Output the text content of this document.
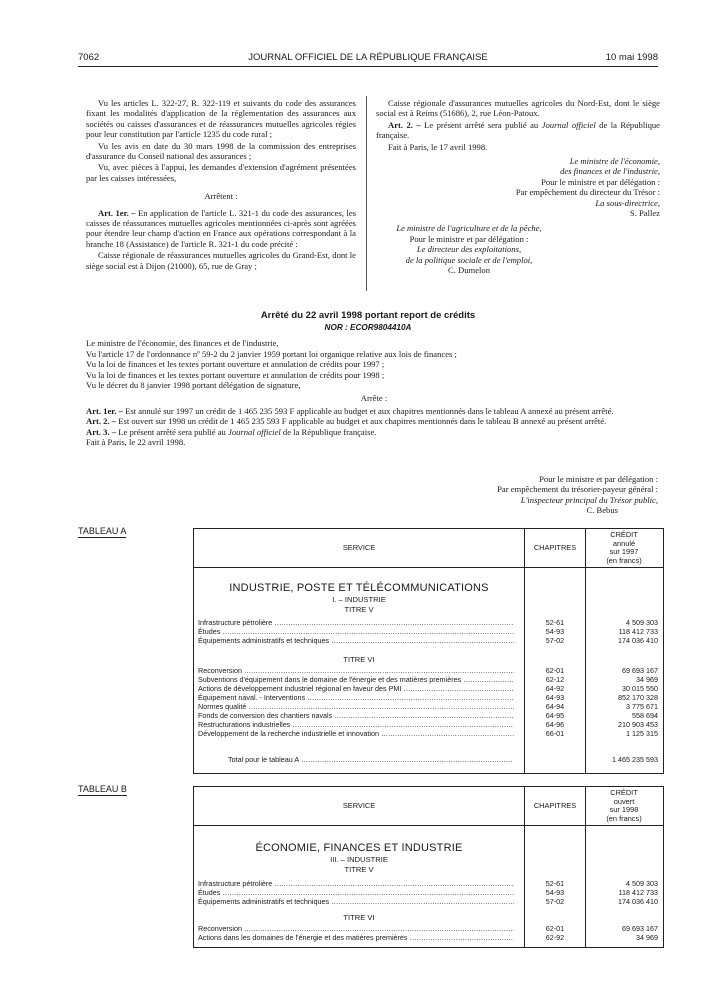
7062	JOURNAL OFFICIEL DE LA RÉPUBLIQUE FRANÇAISE	10 mai 1998

Vu les articles L. 322-27, R. 322-119 et suivants du code des assurances fixant les modalités d'application de la réglementation des assurances aux sociétés ou caisses d'assurances et de réassurances mutuelles agricoles régies pour leur constitution par l'article 1235 du code rural ;

Vu les avis en date du 30 mars 1998 de la commission des entreprises d'assurance du Conseil national des assurances ;

Vu, avec pièces à l'appui, les demandes d'extension d'agrément présentées par les caisses intéressées,

Arrêtent :

Art. 1er. – En application de l'article L. 321-1 du code des assurances, les caisses de réassurances mutuelles agricoles mentionnées ci-après sont agréées pour étendre leur champ d'action en France aux opérations correspondant à la branche 18 (Assistance) de l'article R. 321-1 du code précité :

Caisse régionale de réassurances mutuelles agricoles du Grand-Est, dont le siège social est à Dijon (21000), 65, rue de Gray ;

Caisse régionale d'assurances mutuelles agricoles du Nord-Est, dont le siège social est à Reims (51686), 2, rue Léon-Patoux.

Art. 2. – Le présent arrêté sera publié au Journal officiel de la République française.

Fait à Paris, le 17 avril 1998.

Le ministre de l'économie,

des finances et de l'industrie,

Pour le ministre et par délégation :

Par empêchement du directeur du Trésor :

La sous-directrice,

S. Pallez

Le ministre de l'agriculture et de la pêche,

Pour le ministre et par délégation :

Le directeur des exploitations,

de la politique sociale et de l'emploi,

C. Dumelon

Arrêté du 22 avril 1998 portant report de crédits
NOR : ECOR9804410A

Le ministre de l'économie, des finances et de l'industrie,

Vu l'article 17 de l'ordonnance nº 59-2 du 2 janvier 1959 portant loi organique relative aux lois de finances ;

Vu la loi de finances et les textes portant ouverture et annulation de crédits pour 1997 ;

Vu la loi de finances et les textes portant ouverture et annulation de crédits pour 1998 ;

Vu le décret du 8 janvier 1998 portant délégation de signature,

Arrête :

Art. 1er. – Est annulé sur 1997 un crédit de 1 465 235 593 F applicable au budget et aux chapitres mentionnés dans le tableau A annexé au présent arrêté.

Art. 2. – Est ouvert sur 1998 un crédit de 1 465 235 593 F applicable au budget et aux chapitres mentionnés dans le tableau B annexé au présent arrêté.

Art. 3. – Le présent arrêté sera publié au Journal officiel de la République française.

Fait à Paris, le 22 avril 1998.

Pour le ministre et par délégation :

Par empêchement du trésorier-payeur général :

L'inspecteur principal du Trésor public,

C. Bebus

TABLEAU A
SERVICE	CHAPITRES
CRÉDIT
annulé
sur 1997
(en francs)
INDUSTRIE, POSTE ET TÉLÉCOMMUNICATIONS
I. – INDUSTRIE
TITRE V
Infrastructure pétrolière .....	52-61	4 509 303
Études .....	54-93	118 412 733
Équipements administratifs et techniques .....	57-02	174 036 410
TITRE VI
Reconversion .....	62-01	69 693 167
Subventions d'équipement dans le domaine de l'énergie et des matières premières .....	62-12	34 969
Actions de développement industriel régional en faveur des PMI .....	64-92	30 015 550
Équipement naval. - Interventions .....	64-93	852 170 328
Normes qualité .....	64-94	3 775 671
Fonds de conversion des chantiers navals .....	64-95	558 694
Restructurations industrielles .....	64-96	210 903 453
Développement de la recherche industrielle et innovation .....	66-01	1 125 315
Total pour le tableau A .....	1 465 235 593
TABLEAU B
SERVICE	CHAPITRES
CRÉDIT
ouvert
sur 1998
(en francs)
ÉCONOMIE, FINANCES ET INDUSTRIE
III. – INDUSTRIE
TITRE V
Infrastructure pétrolière .....	52-61	4 509 303
Études .....	54-93	118 412 733
Équipements administratifs et techniques .....	57-02	174 036 410
TITRE VI
Reconversion .....	62-01	69 693 167
Actions dans les domaines de l'énergie et des matières premières .....	62-92	34 969
